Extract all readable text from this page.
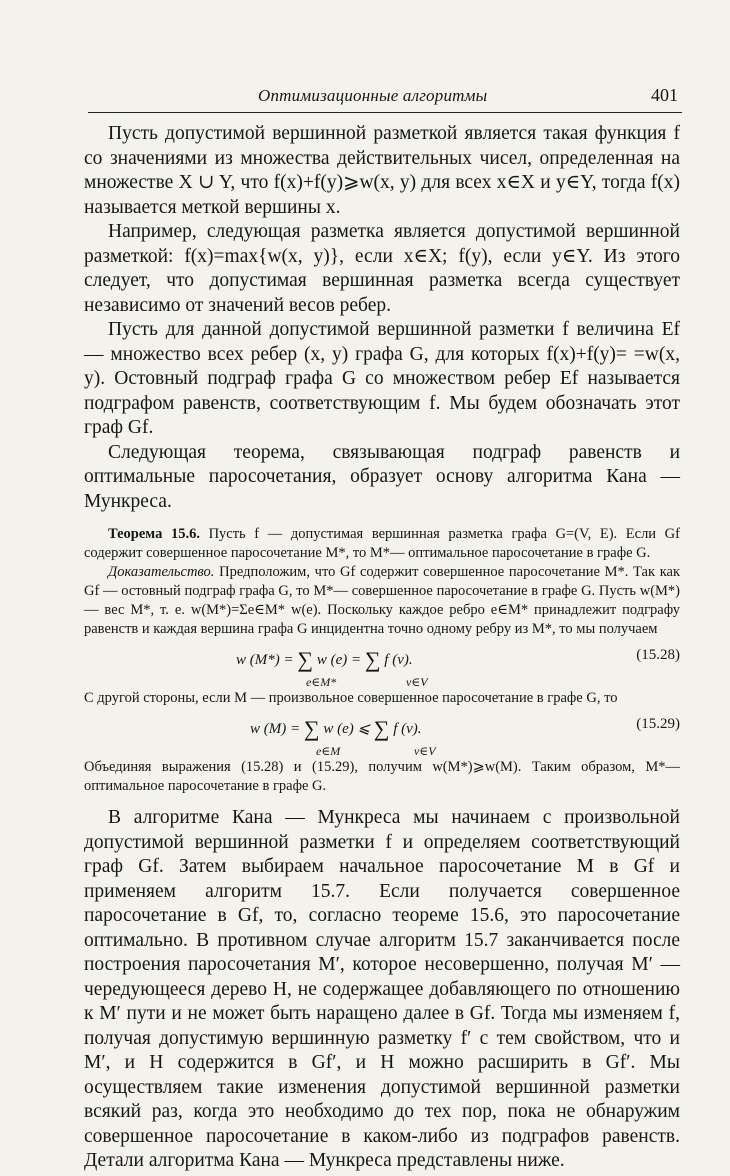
Оптимизационные алгоритмы	401

Пусть допустимой вершинной разметкой является такая функция f со значениями из множества действительных чисел, определенная на множестве X ∪ Y, что f(x)+f(y)⩾w(x, y) для всех x∈X и y∈Y, тогда f(x) называется меткой вершины x.

Например, следующая разметка является допустимой вершинной разметкой: f(x)=max{w(x, y)}, если x∈X; f(y), если y∈Y. Из этого следует, что допустимая вершинная разметка всегда существует независимо от значений весов ребер.

Пусть для данной допустимой вершинной разметки f величина Ef — множество всех ребер (x, y) графа G, для которых f(x)+f(y)= =w(x, y). Остовный подграф графа G со множеством ребер Ef называется подграфом равенств, соответствующим f. Мы будем обозначать этот граф Gf.

Следующая теорема, связывающая подграф равенств и оптимальные паросочетания, образует основу алгоритма Кана — Мункреса.

Теорема 15.6. Пусть f — допустимая вершинная разметка графа G=(V, E). Если Gf содержит совершенное паросочетание M*, то M*— оптимальное паросочетание в графе G.

Доказательство. Предположим, что Gf содержит совершенное паросочетание M*. Так как Gf — остовный подграф графа G, то M*— совершенное паросочетание в графе G. Пусть w(M*) — вес M*, т. е. w(M*)=Σe∈M* w(e). Поскольку каждое ребро e∈M* принадлежит подграфу равенств и каждая вершина графа G инцидентна точно одному ребру из M*, то мы получаем

w (M*) = ∑ w (e) = ∑ f (v).
e∈M*	v∈V
(15.28)

С другой стороны, если M — произвольное совершенное паросочетание в графе G, то

w (M) = ∑ w (e) ⩽ ∑ f (v).
e∈M	v∈V
(15.29)

Объединяя выражения (15.28) и (15.29), получим w(M*)⩾w(M). Таким образом, M*— оптимальное паросочетание в графе G.

В алгоритме Кана — Мункреса мы начинаем с произвольной допустимой вершинной разметки f и определяем соответствующий граф Gf. Затем выбираем начальное паросочетание M в Gf и применяем алгоритм 15.7. Если получается совершенное паросочетание в Gf, то, согласно теореме 15.6, это паросочетание оптимально. В противном случае алгоритм 15.7 заканчивается после построения паросочетания M′, которое несовершенно, получая M′ — чередующееся дерево H, не содержащее добавляющего по отношению к M′ пути и не может быть наращено далее в Gf. Тогда мы изменяем f, получая допустимую вершинную разметку f′ с тем свойством, что и M′, и H содержится в Gf′, и H можно расширить в Gf′. Мы осуществляем такие изменения допустимой вершинной разметки всякий раз, когда это необходимо до тех пор, пока не обнаружим совершенное паросочетание в каком-либо из подграфов равенств. Детали алгоритма Кана — Мункреса представлены ниже.
